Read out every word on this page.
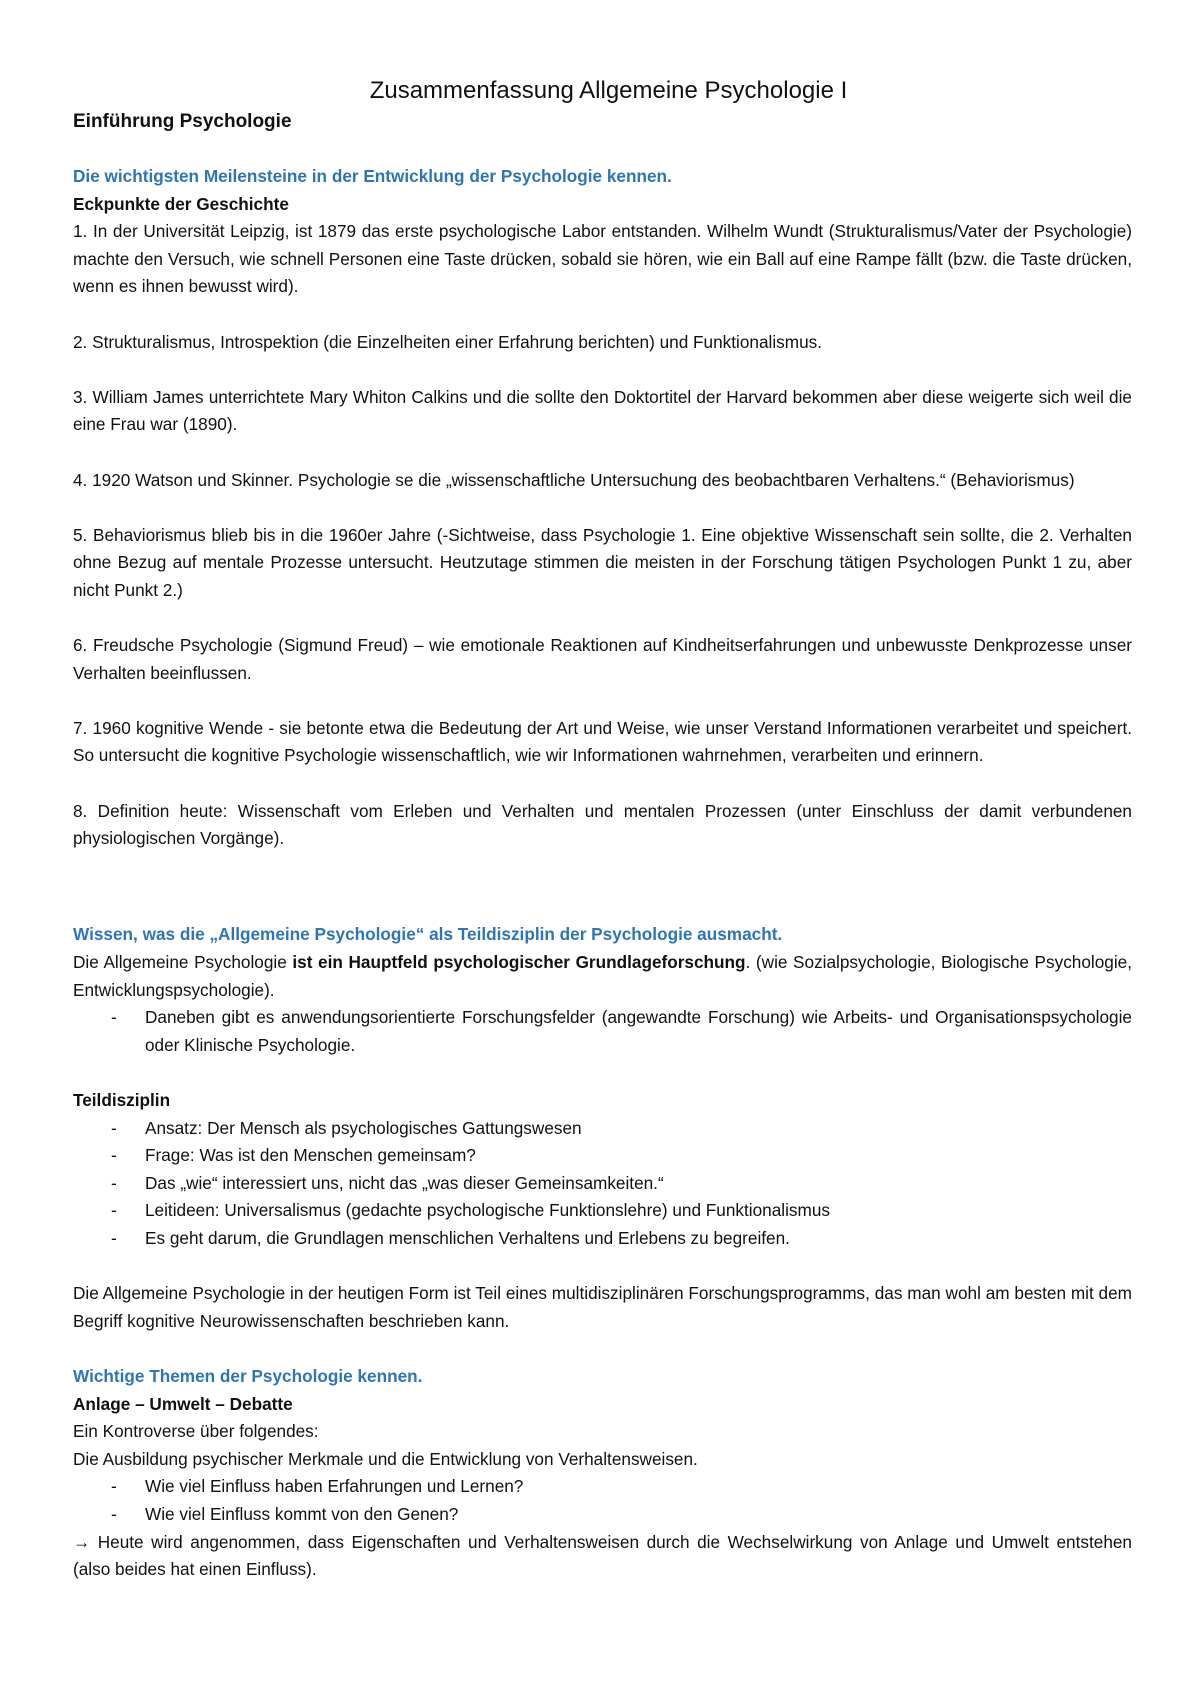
Zusammenfassung Allgemeine Psychologie I

Einführung Psychologie

Die wichtigsten Meilensteine in der Entwicklung der Psychologie kennen.

Eckpunkte der Geschichte

1. In der Universität Leipzig, ist 1879 das erste psychologische Labor entstanden. Wilhelm Wundt (Strukturalismus/Vater der Psychologie) machte den Versuch, wie schnell Personen eine Taste drücken, sobald sie hören, wie ein Ball auf eine Rampe fällt (bzw. die Taste drücken, wenn es ihnen bewusst wird).

2. Strukturalismus, Introspektion (die Einzelheiten einer Erfahrung berichten) und Funktionalismus.

3. William James unterrichtete Mary Whiton Calkins und die sollte den Doktortitel der Harvard bekommen aber diese weigerte sich weil die eine Frau war (1890).

4. 1920 Watson und Skinner. Psychologie se die „wissenschaftliche Untersuchung des beobachtbaren Verhaltens.“ (Behaviorismus)

5. Behaviorismus blieb bis in die 1960er Jahre (-Sichtweise, dass Psychologie 1. Eine objektive Wissenschaft sein sollte, die 2. Verhalten ohne Bezug auf mentale Prozesse untersucht. Heutzutage stimmen die meisten in der Forschung tätigen Psychologen Punkt 1 zu, aber nicht Punkt 2.)

6. Freudsche Psychologie (Sigmund Freud) – wie emotionale Reaktionen auf Kindheitserfahrungen und unbewusste Denkprozesse unser Verhalten beeinflussen.

7. 1960 kognitive Wende - sie betonte etwa die Bedeutung der Art und Weise, wie unser Verstand Informationen verarbeitet und speichert. So untersucht die kognitive Psychologie wissenschaftlich, wie wir Informationen wahrnehmen, verarbeiten und erinnern.

8. Definition heute: Wissenschaft vom Erleben und Verhalten und mentalen Prozessen (unter Einschluss der damit verbundenen physiologischen Vorgänge).

Wissen, was die „Allgemeine Psychologie“ als Teildisziplin der Psychologie ausmacht.

Die Allgemeine Psychologie ist ein Hauptfeld psychologischer Grundlageforschung. (wie Sozialpsychologie, Biologische Psychologie, Entwicklungspsychologie).

- Daneben gibt es anwendungsorientierte Forschungsfelder (angewandte Forschung) wie Arbeits- und Organisationspsychologie oder Klinische Psychologie.

Teildisziplin

- Ansatz: Der Mensch als psychologisches Gattungswesen
- Frage: Was ist den Menschen gemeinsam?
- Das „wie“ interessiert uns, nicht das „was dieser Gemeinsamkeiten.“
- Leitideen: Universalismus (gedachte psychologische Funktionslehre) und Funktionalismus
- Es geht darum, die Grundlagen menschlichen Verhaltens und Erlebens zu begreifen.

Die Allgemeine Psychologie in der heutigen Form ist Teil eines multidisziplinären Forschungsprogramms, das man wohl am besten mit dem Begriff kognitive Neurowissenschaften beschrieben kann.

Wichtige Themen der Psychologie kennen.

Anlage – Umwelt – Debatte

Ein Kontroverse über folgendes:

Die Ausbildung psychischer Merkmale und die Entwicklung von Verhaltensweisen.

- Wie viel Einfluss haben Erfahrungen und Lernen?
- Wie viel Einfluss kommt von den Genen?

→ Heute wird angenommen, dass Eigenschaften und Verhaltensweisen durch die Wechselwirkung von Anlage und Umwelt entstehen (also beides hat einen Einfluss).
